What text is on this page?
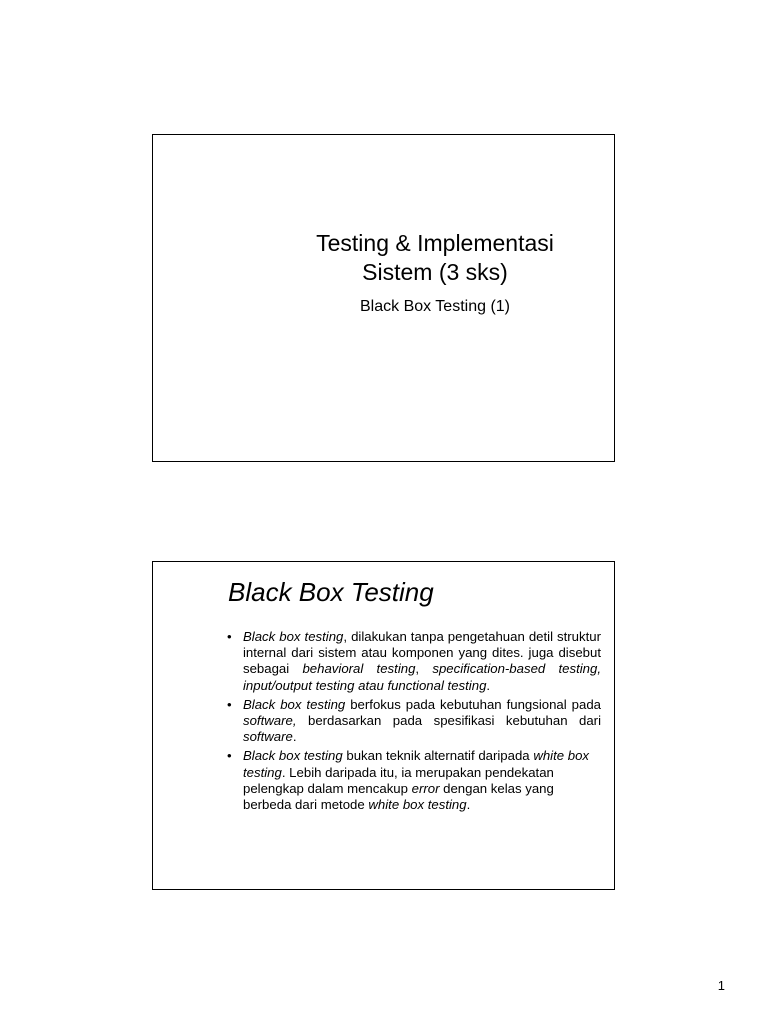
Testing & Implementasi
Sistem (3 sks)
Black Box Testing (1)
Black Box Testing
• Black box testing, dilakukan tanpa pengetahuan detil struktur internal dari sistem atau komponen yang dites. juga disebut sebagai behavioral testing, specification-based testing, input/output testing atau functional testing.
• Black box testing berfokus pada kebutuhan fungsional pada software, berdasarkan pada spesifikasi kebutuhan dari software.
• Black box testing bukan teknik alternatif daripada white box testing. Lebih daripada itu, ia merupakan pendekatan pelengkap dalam mencakup error dengan kelas yang berbeda dari metode white box testing.
1
